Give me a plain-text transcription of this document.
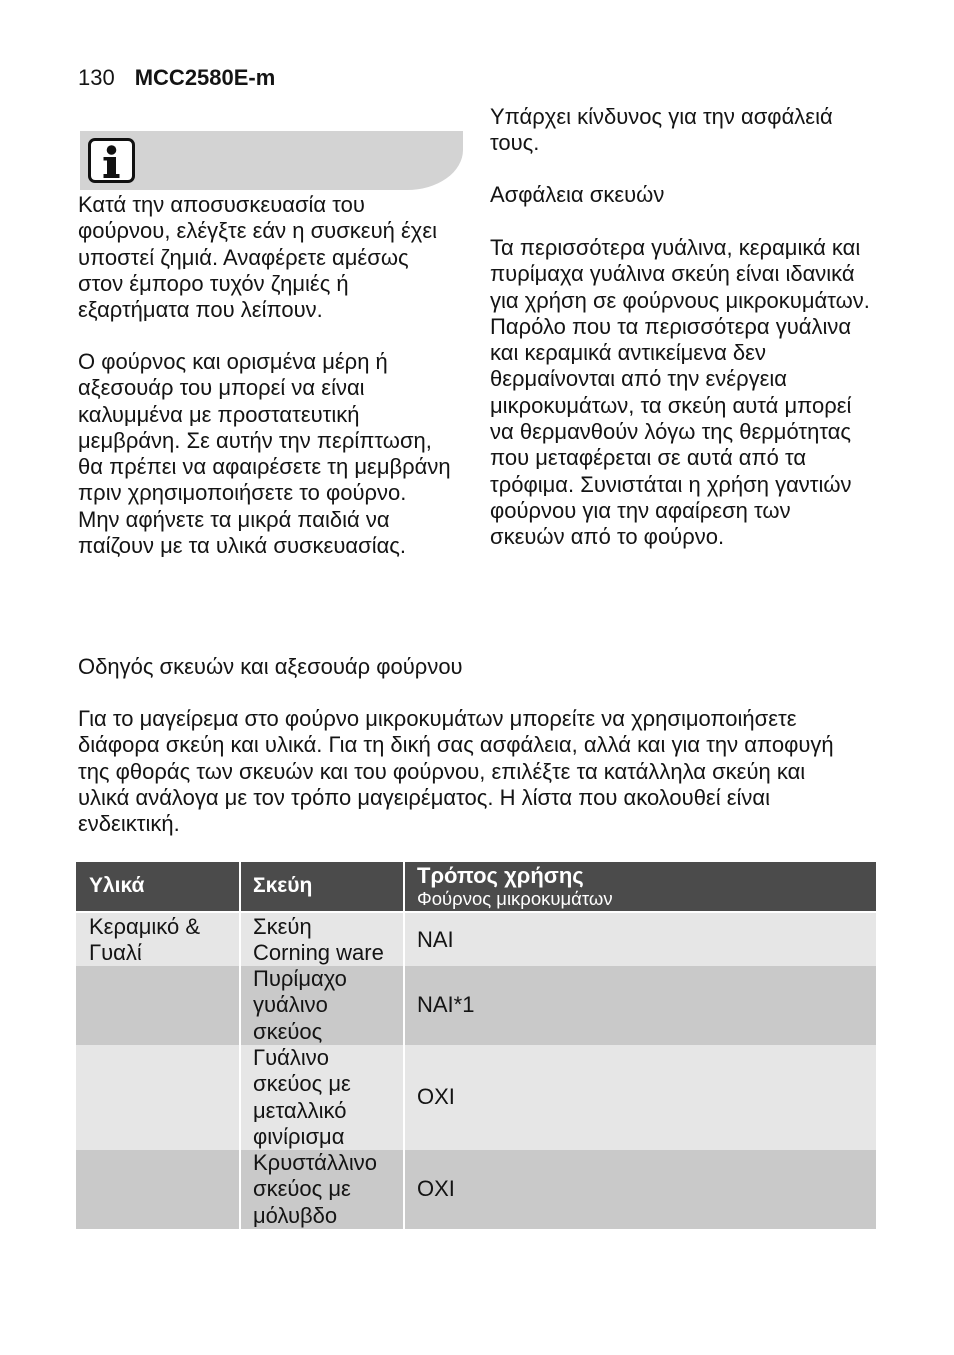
130 MCC2580E-m
Κατά την αποσυσκευασία του
φούρνου, ελέγξτε εάν η συσκευή έχει
υποστεί ζημιά. Αναφέρετε αμέσως
στον έμπορο τυχόν ζημιές ή
εξαρτήματα που λείπουν.
Ο φούρνος και ορισμένα μέρη ή
αξεσουάρ του μπορεί να είναι
καλυμμένα με προστατευτική
μεμβράνη. Σε αυτήν την περίπτωση,
θα πρέπει να αφαιρέσετε τη μεμβράνη
πριν χρησιμοποιήσετε το φούρνο.
Μην αφήνετε τα μικρά παιδιά να
παίζουν με τα υλικά συσκευασίας.
Υπάρχει κίνδυνος για την ασφάλειά
τους.
Ασφάλεια σκευών
Τα περισσότερα γυάλινα, κεραμικά και
πυρίμαχα γυάλινα σκεύη είναι ιδανικά
για χρήση σε φούρνους μικροκυμάτων.
Παρόλο που τα περισσότερα γυάλινα
και κεραμικά αντικείμενα δεν
θερμαίνονται από την ενέργεια
μικροκυμάτων, τα σκεύη αυτά μπορεί
να θερμανθούν λόγω της θερμότητας
που μεταφέρεται σε αυτά από τα
τρόφιμα. Συνιστάται η χρήση γαντιών
φούρνου για την αφαίρεση των
σκευών από το φούρνο.
Οδηγός σκευών και αξεσουάρ φούρνου
Για το μαγείρεμα στο φούρνο μικροκυμάτων μπορείτε να χρησιμοποιήσετε
διάφορα σκεύη και υλικά. Για τη δική σας ασφάλεια, αλλά και για την αποφυγή
της φθοράς των σκευών και του φούρνου, επιλέξτε τα κατάλληλα σκεύη και
υλικά ανάλογα με τον τρόπο μαγειρέματος. Η λίστα που ακολουθεί είναι
ενδεικτική.
Υλικά	Σκεύη	Τρόπος χρήσης
Φούρνος μικροκυμάτων
Κεραμικό &
Γυαλί
Σκεύη
Corning ware
ΝΑΙ
Πυρίμαχο
γυάλινο
σκεύος
ΝΑΙ*1
Γυάλινο
σκεύος με
μεταλλικό
φινίρισμα
ΟΧΙ
Κρυστάλλινο
σκεύος με
μόλυβδο
ΟΧΙ
